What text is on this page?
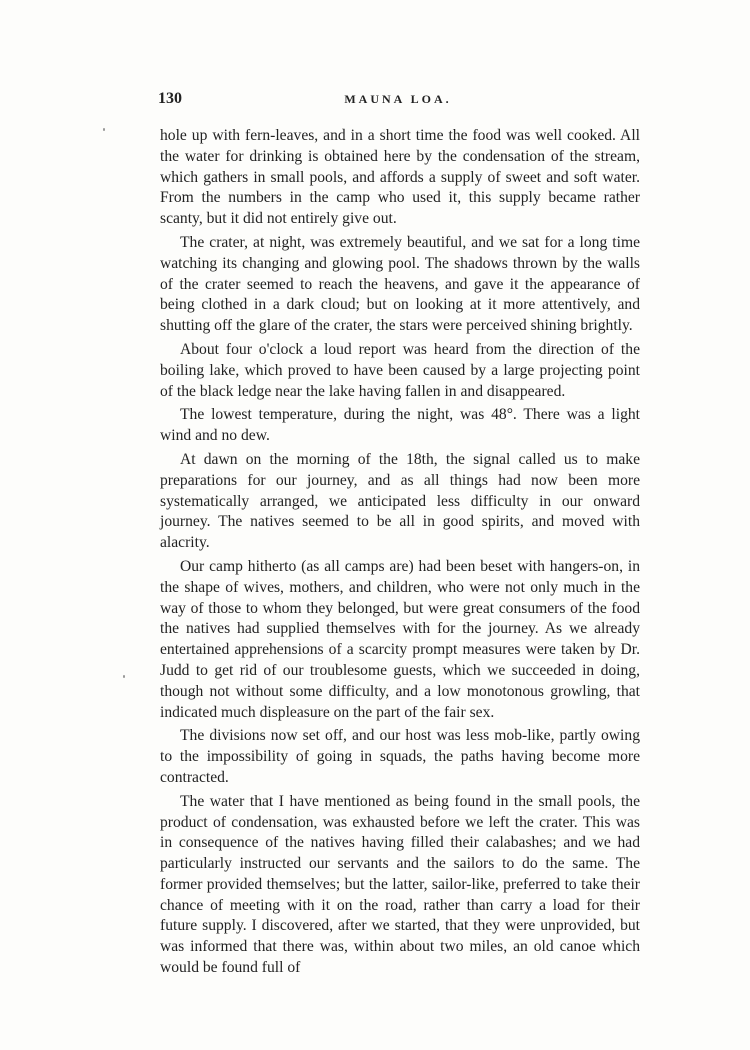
130	MAUNA LOA.

hole up with fern-leaves, and in a short time the food was well cooked. All the water for drinking is obtained here by the condensation of the stream, which gathers in small pools, and affords a supply of sweet and soft water. From the numbers in the camp who used it, this supply became rather scanty, but it did not entirely give out.

The crater, at night, was extremely beautiful, and we sat for a long time watching its changing and glowing pool. The shadows thrown by the walls of the crater seemed to reach the heavens, and gave it the appearance of being clothed in a dark cloud; but on looking at it more attentively, and shutting off the glare of the crater, the stars were perceived shining brightly.

About four o'clock a loud report was heard from the direction of the boiling lake, which proved to have been caused by a large projecting point of the black ledge near the lake having fallen in and disappeared.

The lowest temperature, during the night, was 48°. There was a light wind and no dew.

At dawn on the morning of the 18th, the signal called us to make preparations for our journey, and as all things had now been more systematically arranged, we anticipated less difficulty in our onward journey. The natives seemed to be all in good spirits, and moved with alacrity.

Our camp hitherto (as all camps are) had been beset with hangers-on, in the shape of wives, mothers, and children, who were not only much in the way of those to whom they belonged, but were great consumers of the food the natives had supplied themselves with for the journey. As we already entertained apprehensions of a scarcity prompt measures were taken by Dr. Judd to get rid of our troublesome guests, which we succeeded in doing, though not without some difficulty, and a low monotonous growling, that indicated much displeasure on the part of the fair sex.

The divisions now set off, and our host was less mob-like, partly owing to the impossibility of going in squads, the paths having become more contracted.

The water that I have mentioned as being found in the small pools, the product of condensation, was exhausted before we left the crater. This was in consequence of the natives having filled their calabashes; and we had particularly instructed our servants and the sailors to do the same. The former provided themselves; but the latter, sailor-like, preferred to take their chance of meeting with it on the road, rather than carry a load for their future supply. I discovered, after we started, that they were unprovided, but was informed that there was, within about two miles, an old canoe which would be found full of
